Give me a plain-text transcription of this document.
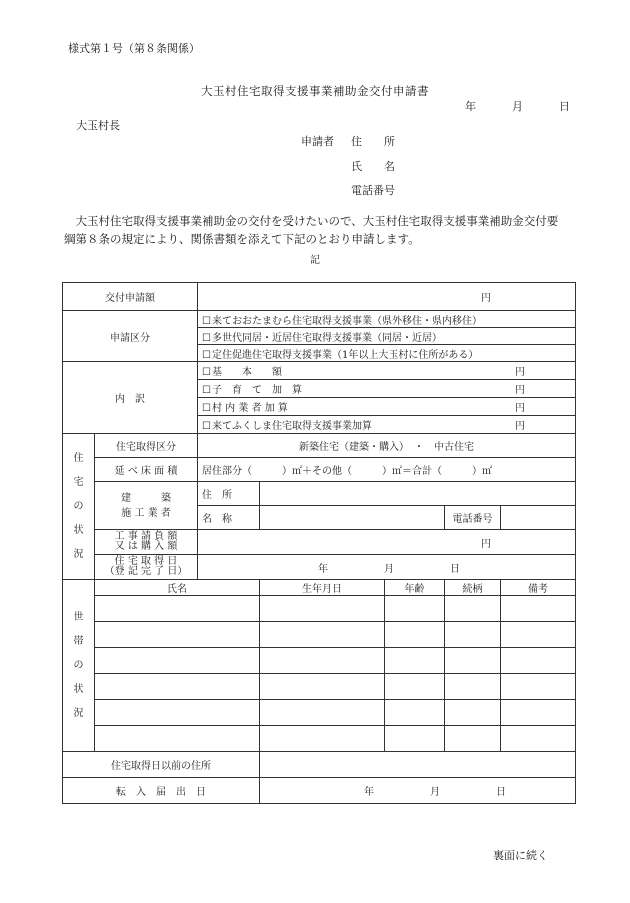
様式第１号（第８条関係）
大玉村住宅取得支援事業補助金交付申請書
年	月	日
大玉村長
申請者 住　　所
氏　　名
電話番号
　大玉村住宅取得支援事業補助金の交付を受けたいので、大玉村住宅取得支援事業補助金交付要綱第８条の規定により、関係書類を添えて下記のとおり申請します。
記
交付申請額	円
申請区分	☐来ておおたまむら住宅取得支援事業（県外移住・県内移住）
☐多世代同居・近居住宅取得支援事業（同居・近居）
☐定住促進住宅取得支援事業（1年以上大玉村に住所がある）
内　訳	
☐基　　本　　額	円

☐子　育　て　加　算	円

☐村 内 業 者 加 算	円

☐来てふくしま住宅取得支援事業加算	円

住
宅
の
状
況
	住宅取得区分	新築住宅（建築・購入）　・　中古住宅
延 べ 床 面 積	居住部分（　　　）㎡＋その他（　　　）㎡＝合計（　　　）㎡
建　　　築
施 工 業 者	住　所	
名　称		電話番号	
工 事 請 負 額
又 は 購 入 額	円
住 宅 取 得 日
（登 記 完 了 日）	年	月	日

世
帯
の
状
況
	氏名	生年月日	年齢	続柄	備考

住宅取得日以前の住所	
転　入　届　出　日	年	月	日
裏面に続く
